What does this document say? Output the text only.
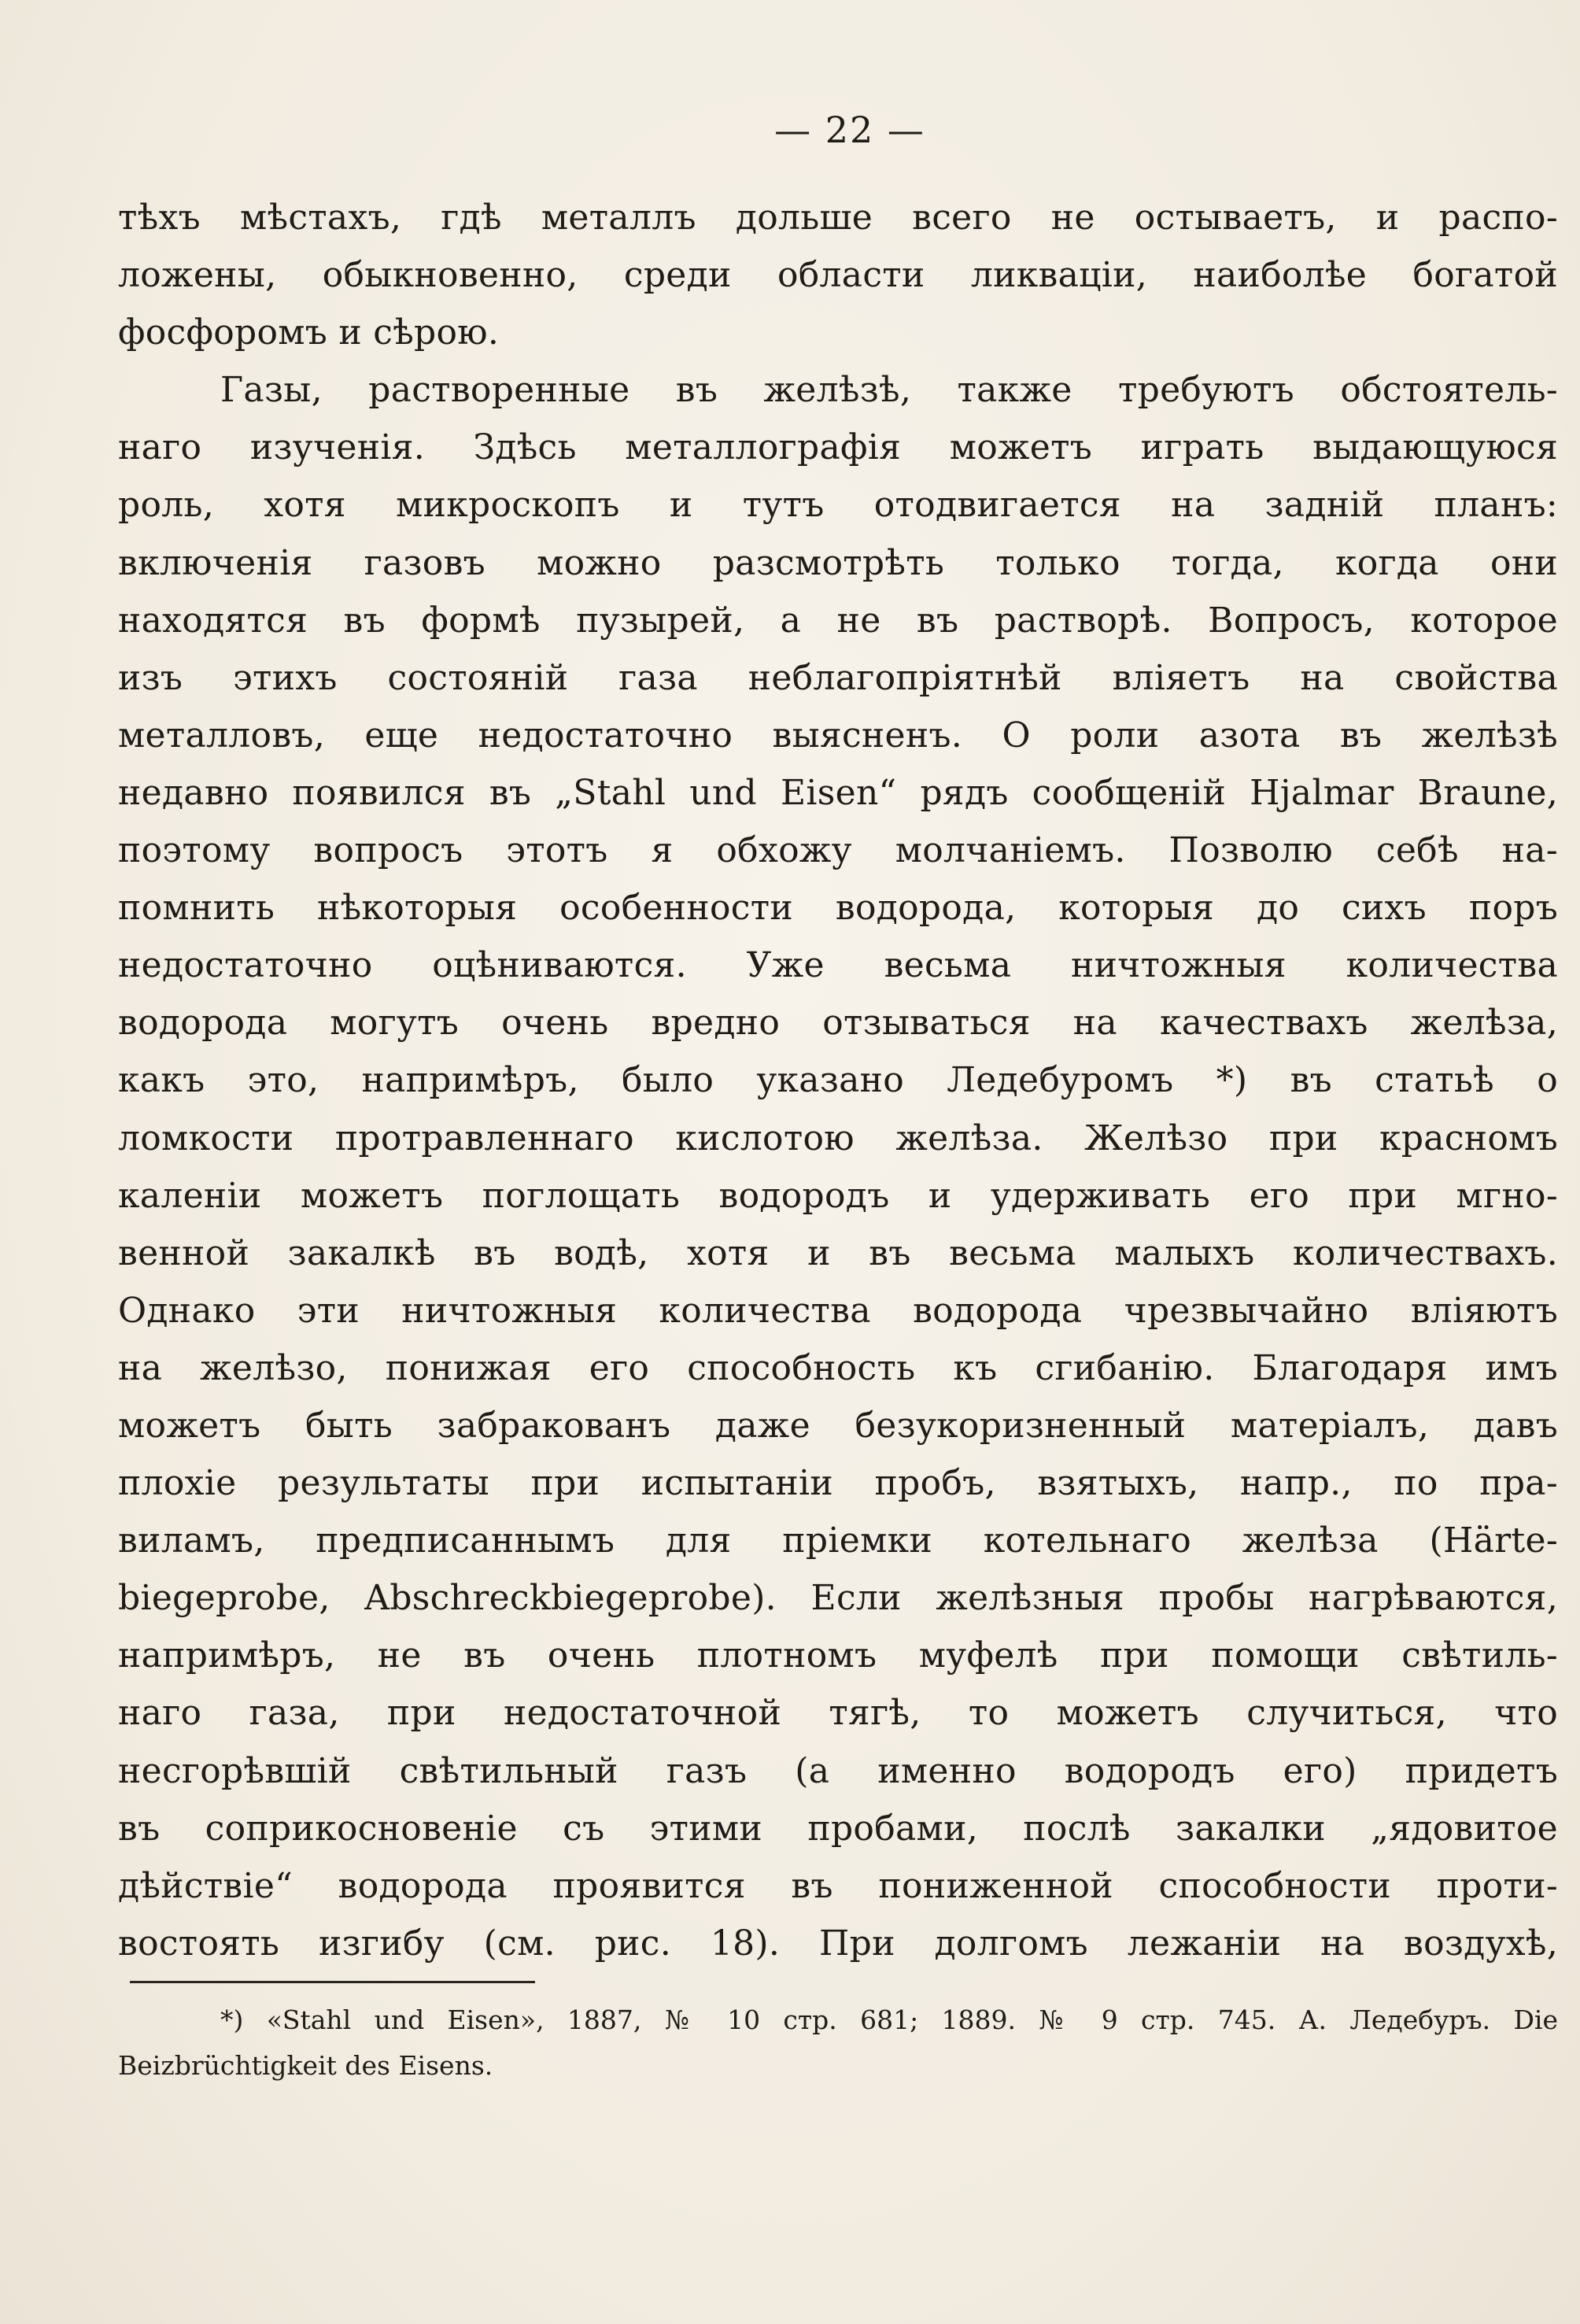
— 22 —
тѣхъ мѣстахъ, гдѣ металлъ дольше всего не остываетъ, и распо-
ложены, обыкновенно, среди области ликваціи, наиболѣе богатой
фосфоромъ и сѣрою.
Газы, растворенные въ желѣзѣ, также требуютъ обстоятель-
наго изученія. Здѣсь металлографія можетъ играть выдающуюся
роль, хотя микроскопъ и тутъ отодвигается на задній планъ:
включенія газовъ можно разсмотрѣть только тогда, когда они
находятся въ формѣ пузырей, а не въ растворѣ. Вопросъ, которое
изъ этихъ состояній газа неблагопріятнѣй вліяетъ на свойства
металловъ, еще недостаточно выясненъ. О роли азота въ желѣзѣ
недавно появился въ „Stahl und Eisen“ рядъ сообщеній Hjalmar Braune,
поэтому вопросъ этотъ я обхожу молчаніемъ. Позволю себѣ на-
помнить нѣкоторыя особенности водорода, которыя до сихъ поръ
недостаточно оцѣниваются. Уже весьма ничтожныя количества
водорода могутъ очень вредно отзываться на качествахъ желѣза,
какъ это, напримѣръ, было указано Ледебуромъ *) въ статьѣ о
ломкости протравленнаго кислотою желѣза. Желѣзо при красномъ
каленіи можетъ поглощать водородъ и удерживать его при мгно-
венной закалкѣ въ водѣ, хотя и въ весьма малыхъ количествахъ.
Однако эти ничтожныя количества водорода чрезвычайно вліяютъ
на желѣзо, понижая его способность къ сгибанію. Благодаря имъ
можетъ быть забракованъ даже безукоризненный матеріалъ, давъ
плохіе результаты при испытаніи пробъ, взятыхъ, напр., по пра-
виламъ, предписаннымъ для пріемки котельнаго желѣза (Härte-
biegeprobe, Abschreckbiegeprobe). Если желѣзныя пробы нагрѣваются,
напримѣръ, не въ очень плотномъ муфелѣ при помощи свѣтиль-
наго газа, при недостаточной тягѣ, то можетъ случиться, что
несгорѣвшій свѣтильный газъ (а именно водородъ его) придетъ
въ соприкосновеніе съ этими пробами, послѣ закалки „ядовитое
дѣйствіе“ водорода проявится въ пониженной способности проти-
востоять изгибу (см. рис. 18). При долгомъ лежаніи на воздухѣ,
*) «Stahl und Eisen», 1887, № 10 стр. 681; 1889. № 9 стр. 745. А. Ледебуръ. Die
Beizbrüchtigkeit des Eisens.
